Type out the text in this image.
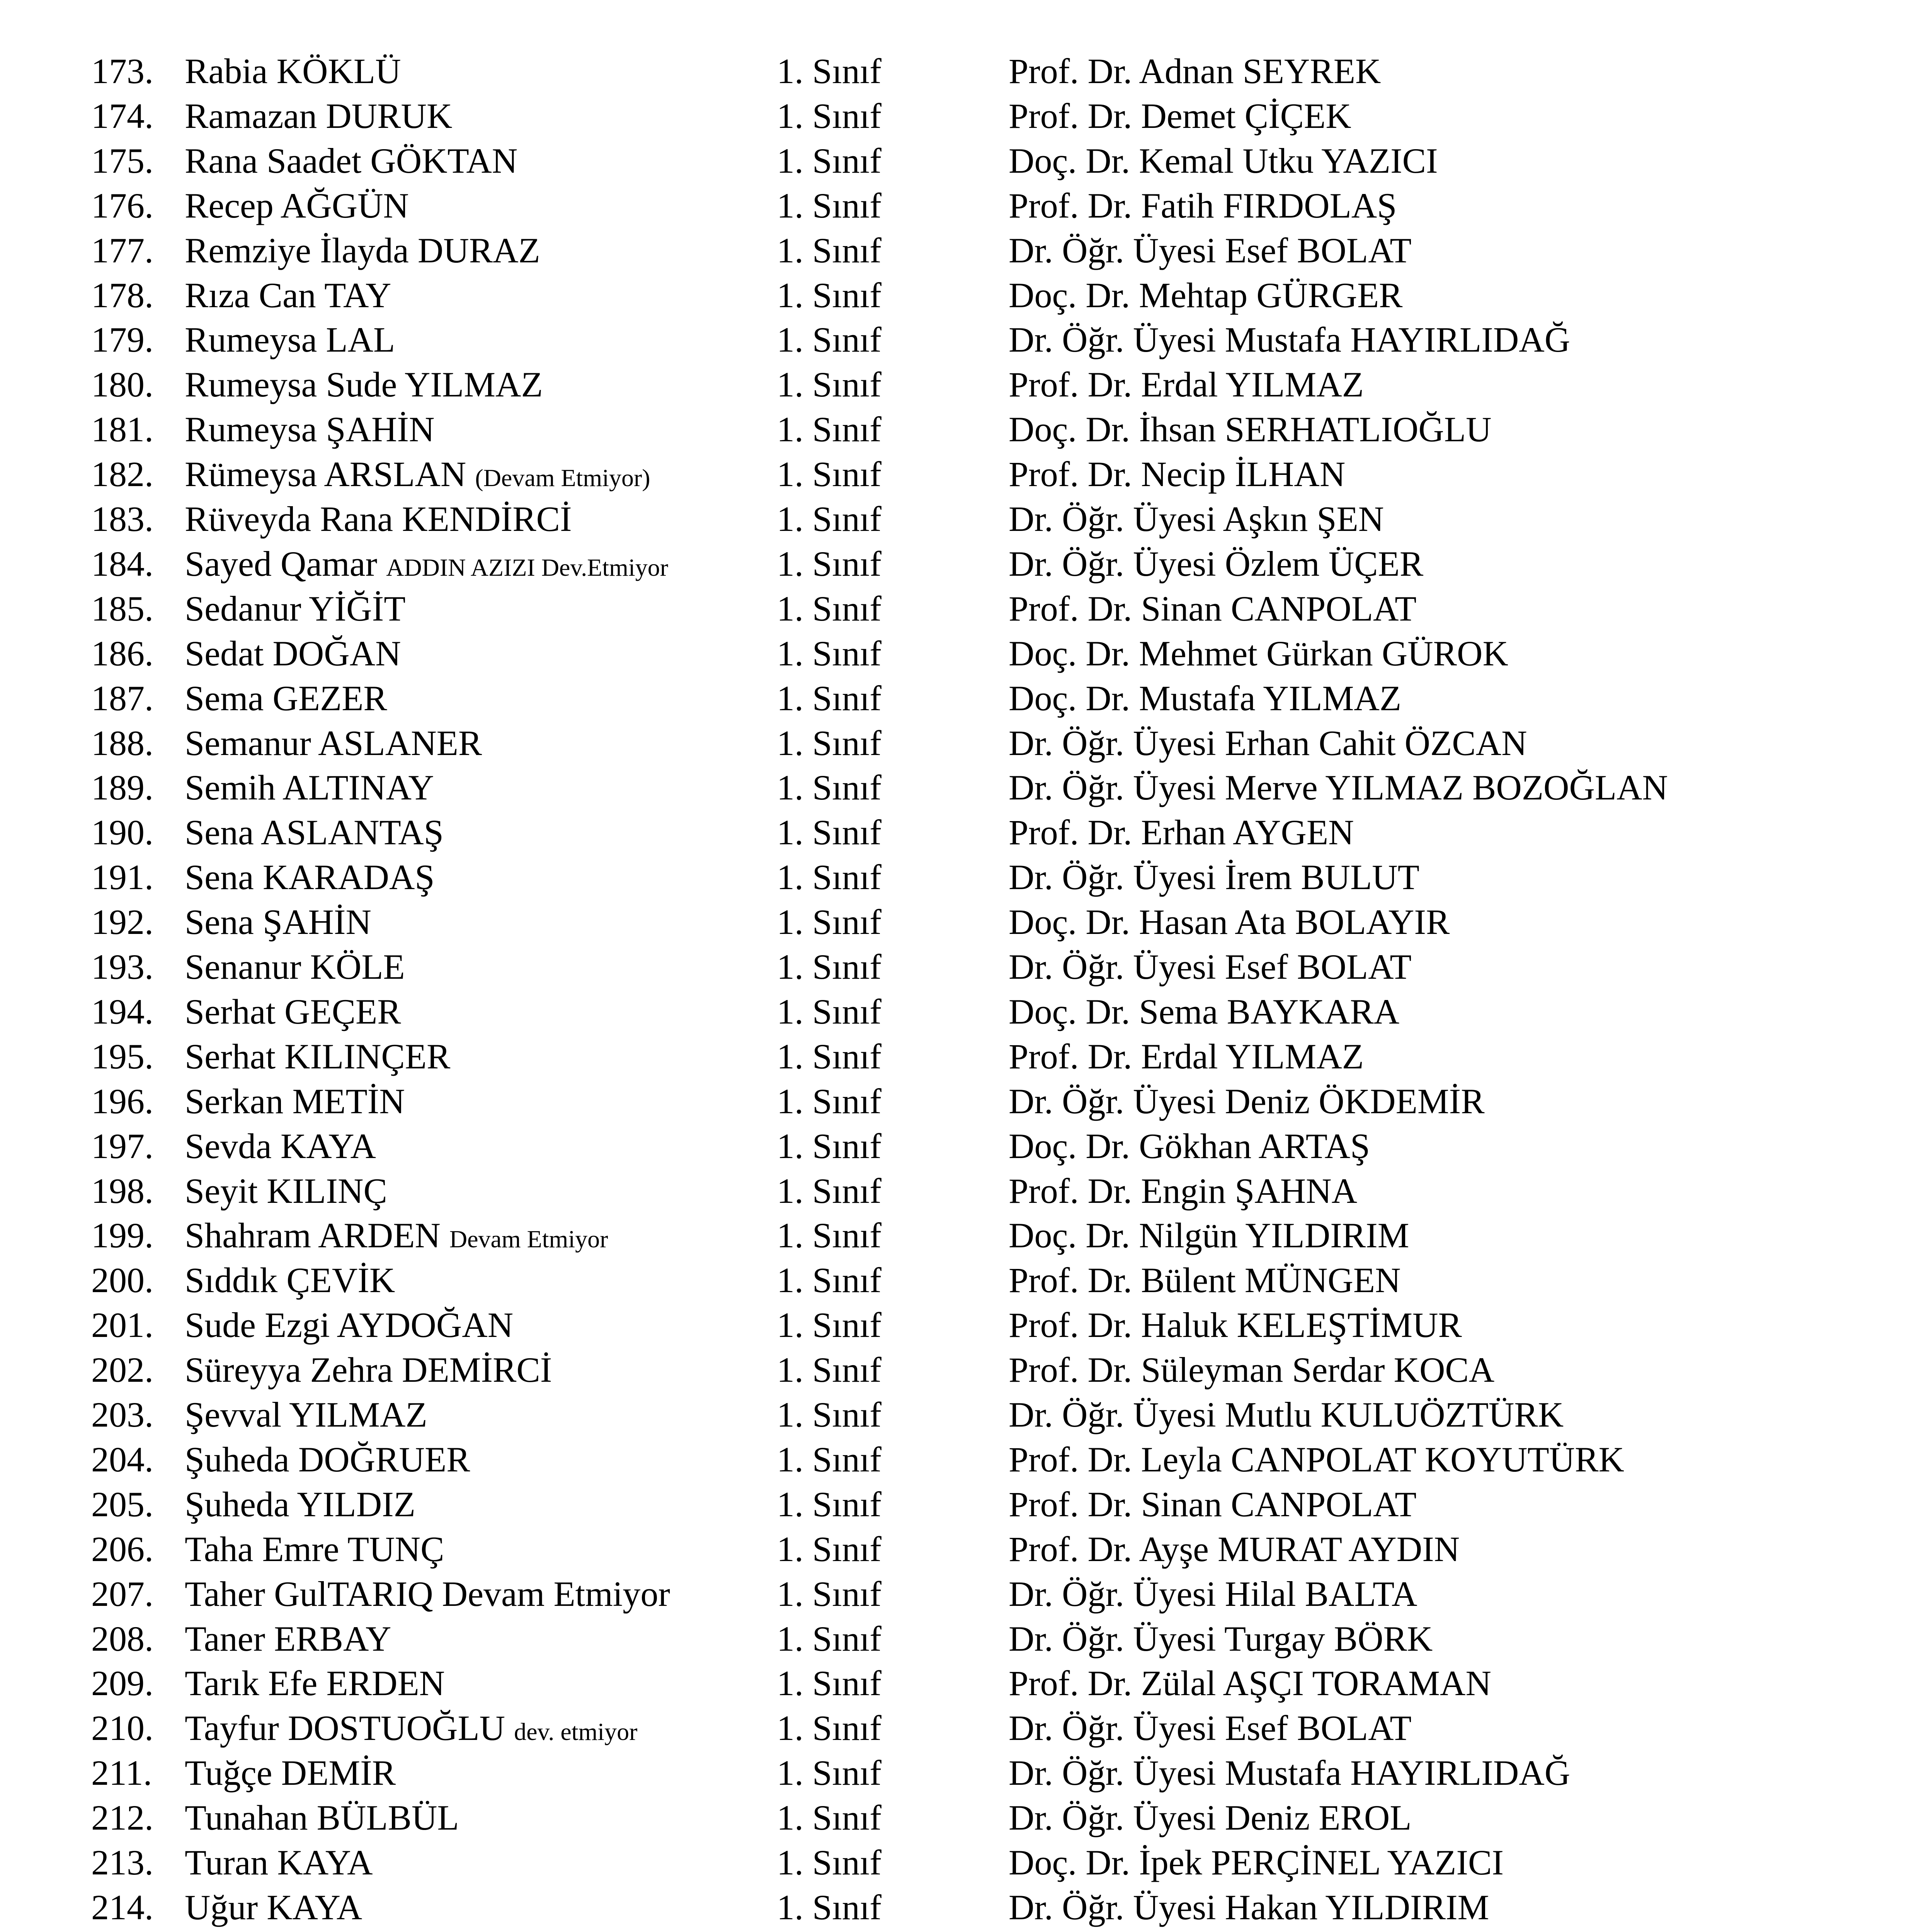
173. Rabia KÖKLÜ	1. Sınıf	Prof. Dr. Adnan SEYREK
174. Ramazan DURUK	1. Sınıf	Prof. Dr. Demet ÇİÇEK
175. Rana Saadet GÖKTAN	1. Sınıf	Doç. Dr. Kemal Utku YAZICI
176. Recep AĞGÜN	1. Sınıf	Prof. Dr. Fatih FIRDOLAŞ
177. Remziye İlayda DURAZ	1. Sınıf	Dr. Öğr. Üyesi Esef BOLAT
178. Rıza Can TAY	1. Sınıf	Doç. Dr. Mehtap GÜRGER
179. Rumeysa LAL	1. Sınıf	Dr. Öğr. Üyesi Mustafa HAYIRLIDAĞ
180. Rumeysa Sude YILMAZ	1. Sınıf	Prof. Dr. Erdal YILMAZ
181. Rumeysa ŞAHİN	1. Sınıf	Doç. Dr. İhsan SERHATLIOĞLU
182. Rümeysa ARSLAN (Devam Etmiyor)	1. Sınıf	Prof. Dr. Necip İLHAN
183. Rüveyda Rana KENDİRCİ	1. Sınıf	Dr. Öğr. Üyesi Aşkın ŞEN
184. Sayed Qamar ADDIN AZIZI Dev.Etmiyor	1. Sınıf	Dr. Öğr. Üyesi Özlem ÜÇER
185. Sedanur YİĞİT	1. Sınıf	Prof. Dr. Sinan CANPOLAT
186. Sedat DOĞAN	1. Sınıf	Doç. Dr. Mehmet Gürkan GÜROK
187. Sema GEZER	1. Sınıf	Doç. Dr. Mustafa YILMAZ
188. Semanur ASLANER	1. Sınıf	Dr. Öğr. Üyesi Erhan Cahit ÖZCAN
189. Semih ALTINAY	1. Sınıf	Dr. Öğr. Üyesi Merve YILMAZ BOZOĞLAN
190. Sena ASLANTAŞ	1. Sınıf	Prof. Dr. Erhan AYGEN
191. Sena KARADAŞ	1. Sınıf	Dr. Öğr. Üyesi İrem BULUT
192. Sena ŞAHİN	1. Sınıf	Doç. Dr. Hasan Ata BOLAYIR
193. Senanur KÖLE	1. Sınıf	Dr. Öğr. Üyesi Esef BOLAT
194. Serhat GEÇER	1. Sınıf	Doç. Dr. Sema BAYKARA
195. Serhat KILINÇER	1. Sınıf	Prof. Dr. Erdal YILMAZ
196. Serkan METİN	1. Sınıf	Dr. Öğr. Üyesi Deniz ÖKDEMİR
197. Sevda KAYA	1. Sınıf	Doç. Dr. Gökhan ARTAŞ
198. Seyit KILINÇ	1. Sınıf	Prof. Dr. Engin ŞAHNA
199. Shahram ARDEN Devam Etmiyor	1. Sınıf	Doç. Dr. Nilgün YILDIRIM
200. Sıddık ÇEVİK	1. Sınıf	Prof. Dr. Bülent MÜNGEN
201. Sude Ezgi AYDOĞAN	1. Sınıf	Prof. Dr. Haluk KELEŞTİMUR
202. Süreyya Zehra DEMİRCİ	1. Sınıf	Prof. Dr. Süleyman Serdar KOCA
203. Şevval YILMAZ	1. Sınıf	Dr. Öğr. Üyesi Mutlu KULUÖZTÜRK
204. Şuheda DOĞRUER	1. Sınıf	Prof. Dr. Leyla CANPOLAT KOYUTÜRK
205. Şuheda YILDIZ	1. Sınıf	Prof. Dr. Sinan CANPOLAT
206. Taha Emre TUNÇ	1. Sınıf	Prof. Dr. Ayşe MURAT AYDIN
207. Taher GulTARIQ Devam Etmiyor	1. Sınıf	Dr. Öğr. Üyesi Hilal BALTA
208. Taner ERBAY	1. Sınıf	Dr. Öğr. Üyesi Turgay BÖRK
209. Tarık Efe ERDEN	1. Sınıf	Prof. Dr. Zülal AŞÇI TORAMAN
210. Tayfur DOSTUOĞLU dev. etmiyor	1. Sınıf	Dr. Öğr. Üyesi Esef BOLAT
211. Tuğçe DEMİR	1. Sınıf	Dr. Öğr. Üyesi Mustafa HAYIRLIDAĞ
212. Tunahan BÜLBÜL	1. Sınıf	Dr. Öğr. Üyesi Deniz EROL
213. Turan KAYA	1. Sınıf	Doç. Dr. İpek PERÇİNEL YAZICI
214. Uğur KAYA	1. Sınıf	Dr. Öğr. Üyesi Hakan YILDIRIM
